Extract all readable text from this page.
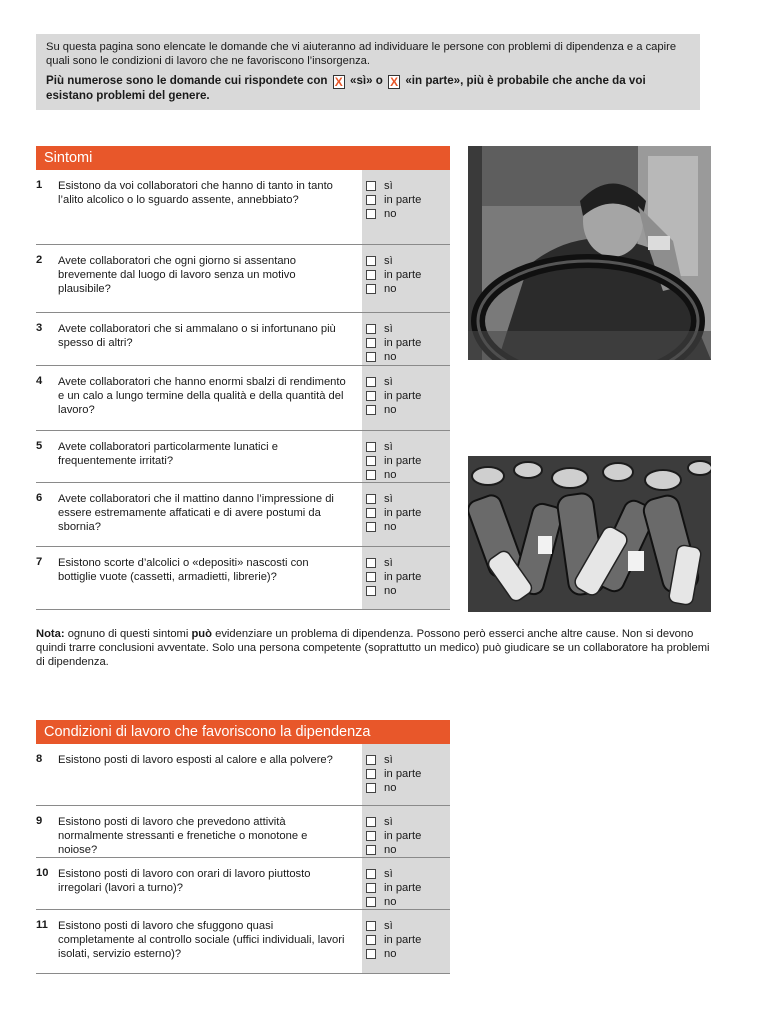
Su questa pagina sono elencate le domande che vi aiuteranno ad individuare le persone con problemi di dipendenza e a capire quali sono le condizioni di lavoro che ne favoriscono l’insorgenza.

Più numerose sono le domande cui rispondete con X «sì» o X «in parte», più è probabile che anche da voi esistano problemi del genere.

Sintomi
1 Esistono da voi collaboratori che hanno di tanto in tanto l’alito alcolico o lo sguardo assente, annebbiato?
sì
in parte
no
2 Avete collaboratori che ogni giorno si assentano brevemente dal luogo di lavoro senza un motivo plausibile?
sì
in parte
no
3 Avete collaboratori che si ammalano o si infortunano più spesso di altri?
sì
in parte
no
4 Avete collaboratori che hanno enormi sbalzi di rendimento e un calo a lungo termine della qualità e della quantità del lavoro?
sì
in parte
no
5 Avete collaboratori particolarmente lunatici e frequentemente irritati?
sì
in parte
no
6 Avete collaboratori che il mattino danno l’impressione di essere estremamente affaticati e di avere postumi da sbornia?
sì
in parte
no
7 Esistono scorte d’alcolici o «depositi» nascosti con bottiglie vuote (cassetti, armadietti, librerie)?
sì
in parte
no
Nota: ognuno di questi sintomi può evidenziare un problema di dipendenza. Possono però esserci anche altre cause. Non si devono quindi trarre conclusioni avventate. Solo una persona competente (soprattutto un medico) può giudicare se un collaboratore ha problemi di dipendenza.
Condizioni di lavoro che favoriscono la dipendenza
8 Esistono posti di lavoro esposti al calore e alla polvere?	sì
in parte
no
9 Esistono posti di lavoro che prevedono attività normalmente stressanti e frenetiche o monotone e noiose?
sì
in parte
no
10 Esistono posti di lavoro con orari di lavoro piuttosto irregolari (lavori a turno)?
sì
in parte
no
11 Esistono posti di lavoro che sfuggono quasi completamente al controllo sociale (uffici individuali, lavori isolati, servizio esterno)?
sì
in parte
no
